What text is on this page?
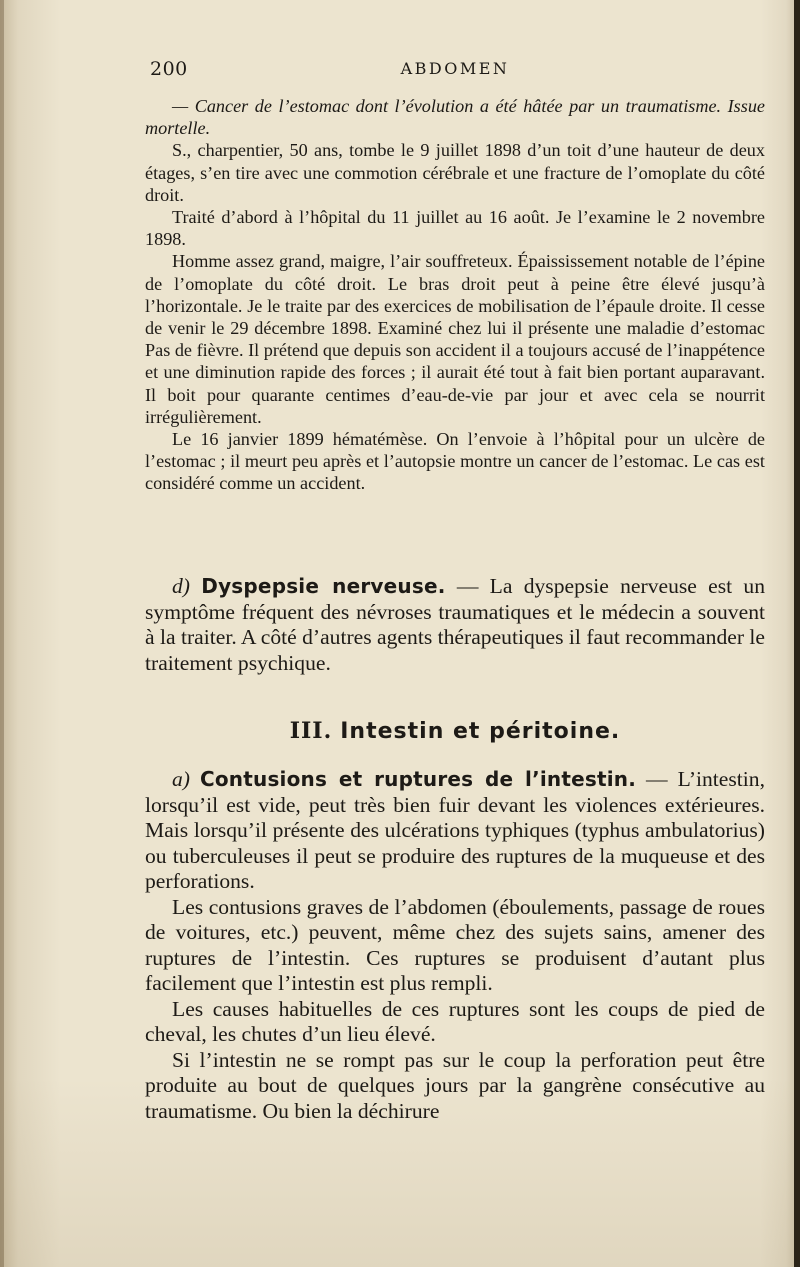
200	ABDOMEN

— Cancer de l’estomac dont l’évolution a été hâtée par un traumatisme. Issue mortelle.

S., charpentier, 50 ans, tombe le 9 juillet 1898 d’un toit d’une hauteur de deux étages, s’en tire avec une commotion cérébrale et une fracture de l’omoplate du côté droit.

Traité d’abord à l’hôpital du 11 juillet au 16 août. Je l’examine le 2 novembre 1898.

Homme assez grand, maigre, l’air souffreteux. Épaississement notable de l’épine de l’omoplate du côté droit. Le bras droit peut à peine être élevé jusqu’à l’horizontale. Je le traite par des exercices de mobilisation de l’épaule droite. Il cesse de venir le 29 décembre 1898. Examiné chez lui il présente une maladie d’estomac Pas de fièvre. Il prétend que depuis son accident il a toujours accusé de l’inappétence et une diminution rapide des forces ; il aurait été tout à fait bien portant auparavant. Il boit pour quarante centimes d’eau-de-vie par jour et avec cela se nourrit irrégulièrement.

Le 16 janvier 1899 hématémèse. On l’envoie à l’hôpital pour un ulcère de l’estomac ; il meurt peu après et l’autopsie montre un cancer de l’estomac. Le cas est considéré comme un accident.

d) Dyspepsie nerveuse. — La dyspepsie nerveuse est un symptôme fréquent des névroses traumatiques et le médecin a souvent à la traiter. A côté d’autres agents thérapeutiques il faut recommander le traitement psychique.

III. Intestin et péritoine.

a) Contusions et ruptures de l’intestin. — L’intestin, lorsqu’il est vide, peut très bien fuir devant les violences extérieures. Mais lorsqu’il présente des ulcérations typhiques (typhus ambulatorius) ou tuberculeuses il peut se produire des ruptures de la muqueuse et des perforations.

Les contusions graves de l’abdomen (éboulements, passage de roues de voitures, etc.) peuvent, même chez des sujets sains, amener des ruptures de l’intestin. Ces ruptures se produisent d’autant plus facilement que l’intestin est plus rempli.

Les causes habituelles de ces ruptures sont les coups de pied de cheval, les chutes d’un lieu élevé.

Si l’intestin ne se rompt pas sur le coup la perforation peut être produite au bout de quelques jours par la gangrène consécutive au traumatisme. Ou bien la déchirure
